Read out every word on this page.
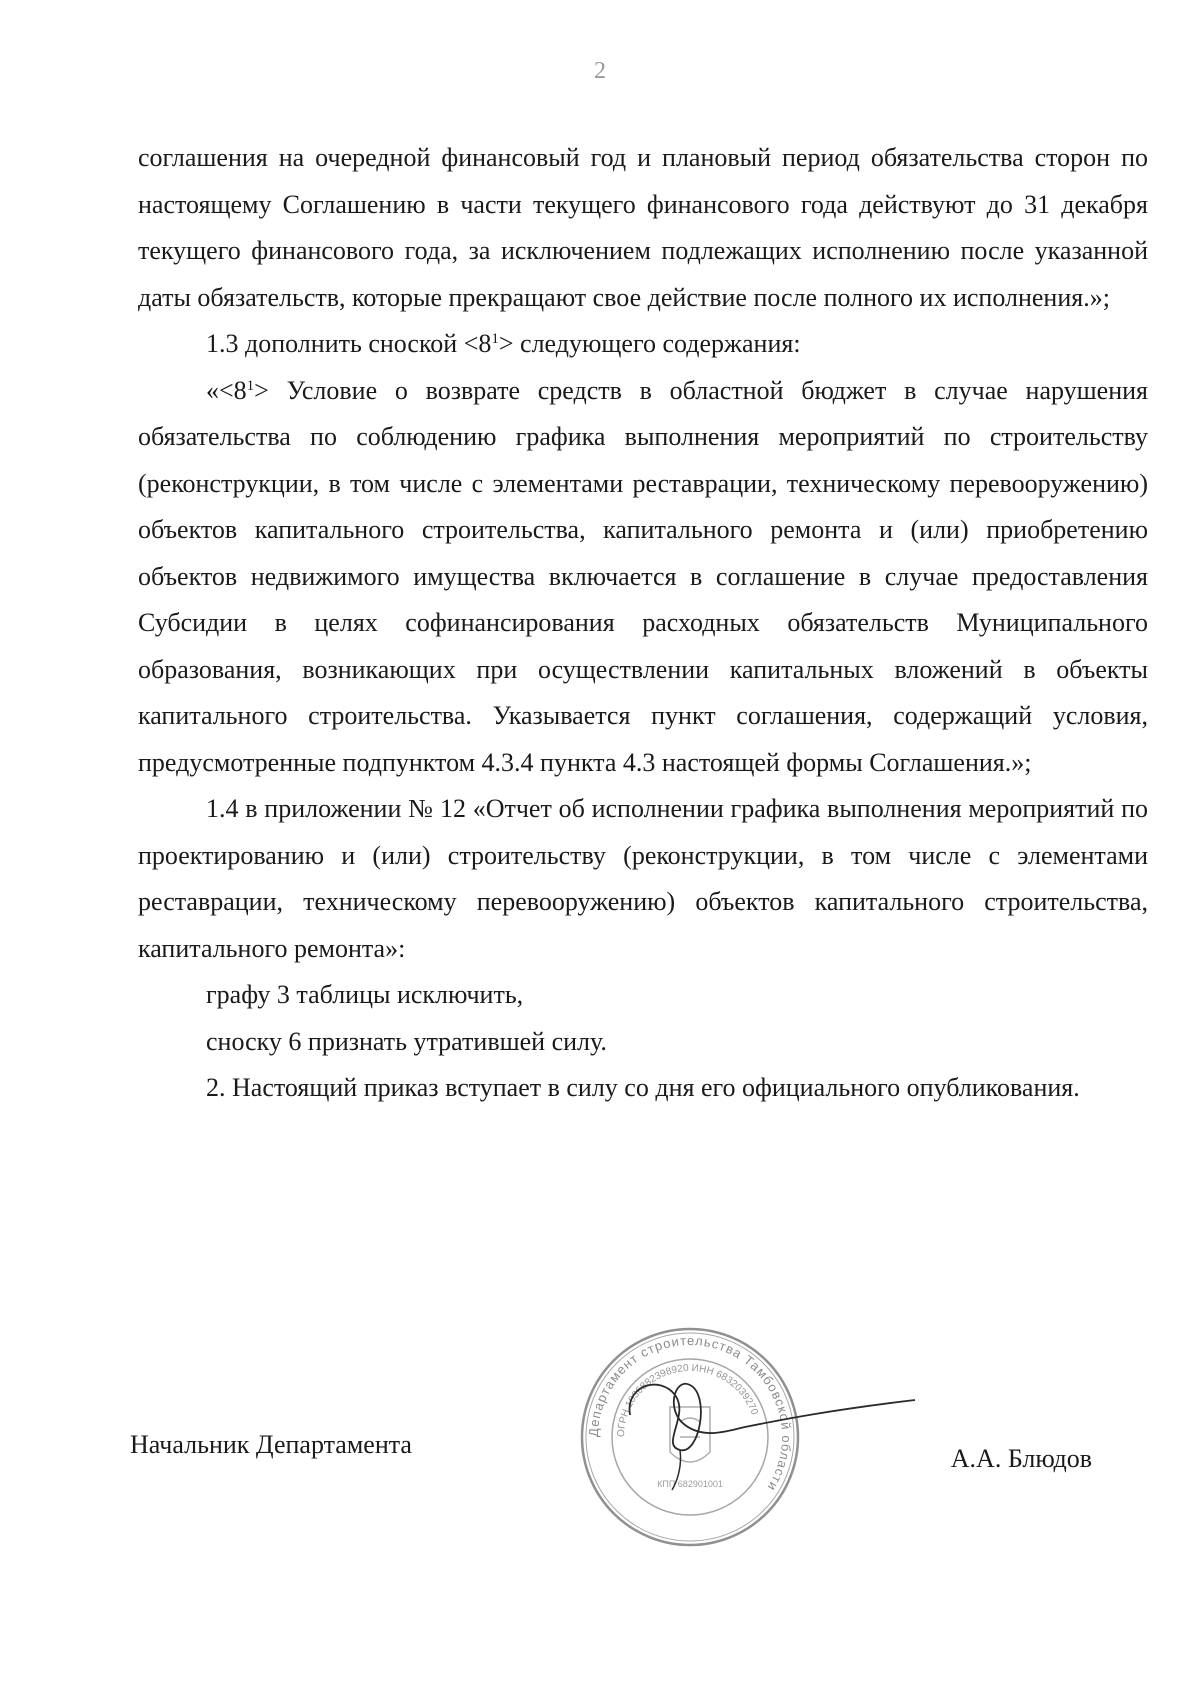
2

соглашения на очередной финансовый год и плановый период обязательства сторон по настоящему Соглашению в части текущего финансового года действуют до 31 декабря текущего финансового года, за исключением подлежащих исполнению после указанной даты обязательств, которые прекращают свое действие после полного их исполнения.»;

1.3 дополнить сноской $<8^1>$ следующего содержания:

«$<8^1>$ Условие о возврате средств в областной бюджет в случае нарушения обязательства по соблюдению графика выполнения мероприятий по строительству (реконструкции, в том числе с элементами реставрации, техническому перевооружению) объектов капитального строительства, капитального ремонта и (или) приобретению объектов недвижимого имущества включается в соглашение в случае предоставления Субсидии в целях софинансирования расходных обязательств Муниципального образования, возникающих при осуществлении капитальных вложений в объекты капитального строительства. Указывается пункт соглашения, содержащий условия, предусмотренные подпунктом 4.3.4 пункта 4.3 настоящей формы Соглашения.»;

1.4 в приложении № 12 «Отчет об исполнении графика выполнения мероприятий по проектированию и (или) строительству (реконструкции, в том числе с элементами реставрации, техническому перевооружению) объектов капитального строительства, капитального ремонта»:

графу 3 таблицы исключить,

сноску 6 признать утратившей силу.

2. Настоящий приказ вступает в силу со дня его официального опубликования.

Департамент строительства Тамбовской области
ОГРН 1036882398920 ИНН 6832039270
КПП 682901001
Начальник Департамента	А.А. Блюдов
